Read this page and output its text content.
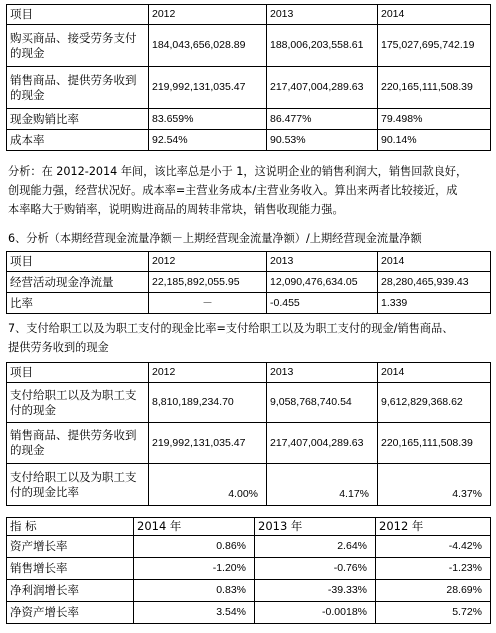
项目	2012	2013	2014
购买商品、接受劳务支付的现金	184,043,656,028.89	188,006,203,558.61	175,027,695,742.19
销售商品、提供劳务收到的现金	219,992,131,035.47	217,407,004,289.63	220,165,111,508.39
现金购销比率	83.659%	86.477%	79.498%
成本率	92.54%	90.53%	90.14%
分析：在 2012-2014 年间，该比率总是小于 1，这说明企业的销售利润大，销售回款良好，
创现能力强，经营状况好。成本率=主营业务成本/主营业务收入。算出来两者比较接近，成
本率略大于购销率，说明购进商品的周转非常块，销售收现能力强。
6、分析（本期经营现金流量净额－上期经营现金流量净额）/上期经营现金流量净额
项目	2012	2013	2014
经营活动现金净流量	22,185,892,055.95	12,090,476,634.05	28,280,465,939.43
比率	－	-0.455	1.339
7、支付给职工以及为职工支付的现金比率=支付给职工以及为职工支付的现金/销售商品、
提供劳务收到的现金
项目	2012	2013	2014
支付给职工以及为职工支付的现金	8,810,189,234.70	9,058,768,740.54	9,612,829,368.62
销售商品、提供劳务收到的现金	219,992,131,035.47	217,407,004,289.63	220,165,111,508.39
支付给职工以及为职工支付的现金比率	4.00%	4.17%	4.37%
指 标	2014 年	2013 年	2012 年
资产增长率	0.86%	2.64%	-4.42%
销售增长率	-1.20%	-0.76%	-1.23%
净利润增长率	0.83%	-39.33%	28.69%
净资产增长率	3.54%	-0.0018%	5.72%
